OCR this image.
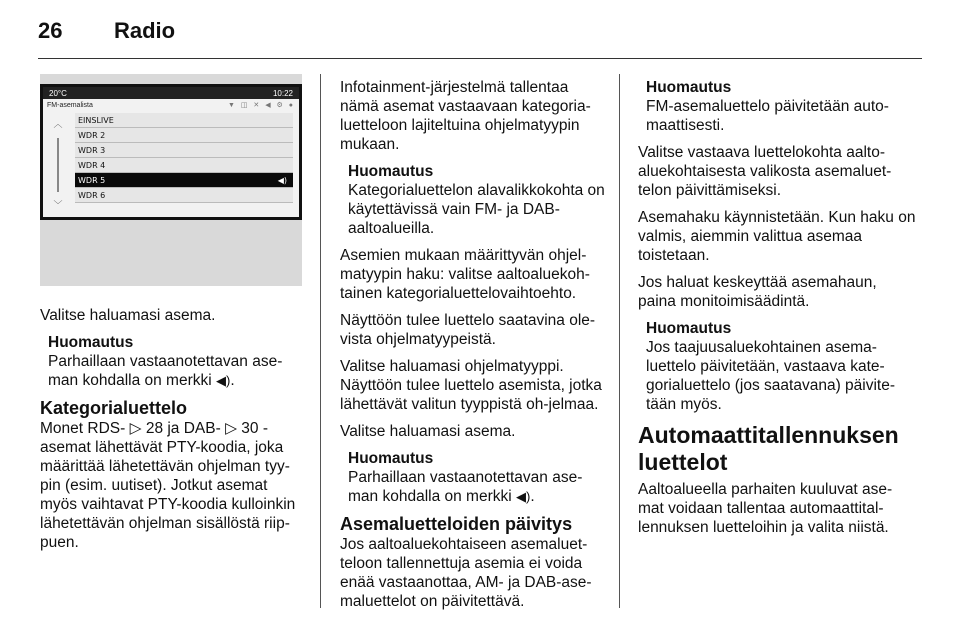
26	Radio
20°C	10:22
FM-asemalista	▼ ◫ ✕ ◀ ⚙ ●
︿
﹀
EINSLIVE
WDR 2
WDR 3
WDR 4
WDR 5	◀)
WDR 6

Valitse haluamasi asema.

Huomautus
Parhaillaan vastaanotettavan ase-man kohdalla on merkki ◀).
Kategorialuettelo

Monet RDS- ▷ 28 ja DAB- ▷ 30 - asemat lähettävät PTY-koodia, joka määrittää lähetettävän ohjelman tyy-pin (esim. uutiset). Jotkut asemat myös vaihtavat PTY-koodia kulloinkin lähetettävän ohjelman sisällöstä riip-puen.

Infotainment-järjestelmä tallentaa nämä asemat vastaavaan kategoria-luetteloon lajiteltuina ohjelmatyypin mukaan.

Huomautus
Kategorialuettelon alavalikkokohta on käytettävissä vain FM- ja DAB-aaltoalueilla.

Asemien mukaan määrittyvän ohjel-matyypin haku: valitse aaltoaluekoh-tainen kategorialuettelovaihtoehto.

Näyttöön tulee luettelo saatavina ole-vista ohjelmatyypeistä.

Valitse haluamasi ohjelmatyyppi. Näyttöön tulee luettelo asemista, jotka lähettävät valitun tyyppistä oh-jelmaa.

Valitse haluamasi asema.

Huomautus
Parhaillaan vastaanotettavan ase-man kohdalla on merkki ◀).
Asemaluetteloiden päivitys

Jos aaltoaluekohtaiseen asemaluet-teloon tallennettuja asemia ei voida enää vastaanottaa, AM- ja DAB-ase-maluettelot on päivitettävä.

Huomautus
FM-asemaluettelo päivitetään auto-maattisesti.

Valitse vastaava luettelokohta aalto-aluekohtaisesta valikosta asemaluet-telon päivittämiseksi.

Asemahaku käynnistetään. Kun haku on valmis, aiemmin valittua asemaa toistetaan.

Jos haluat keskeyttää asemahaun, paina monitoimisäädintä.

Huomautus
Jos taajuusaluekohtainen asema-luettelo päivitetään, vastaava kate-gorialuettelo (jos saatavana) päivite-tään myös.
Automaattitallennuksen luettelot

Aaltoalueella parhaiten kuuluvat ase-mat voidaan tallentaa automaattital-lennuksen luetteloihin ja valita niistä.
